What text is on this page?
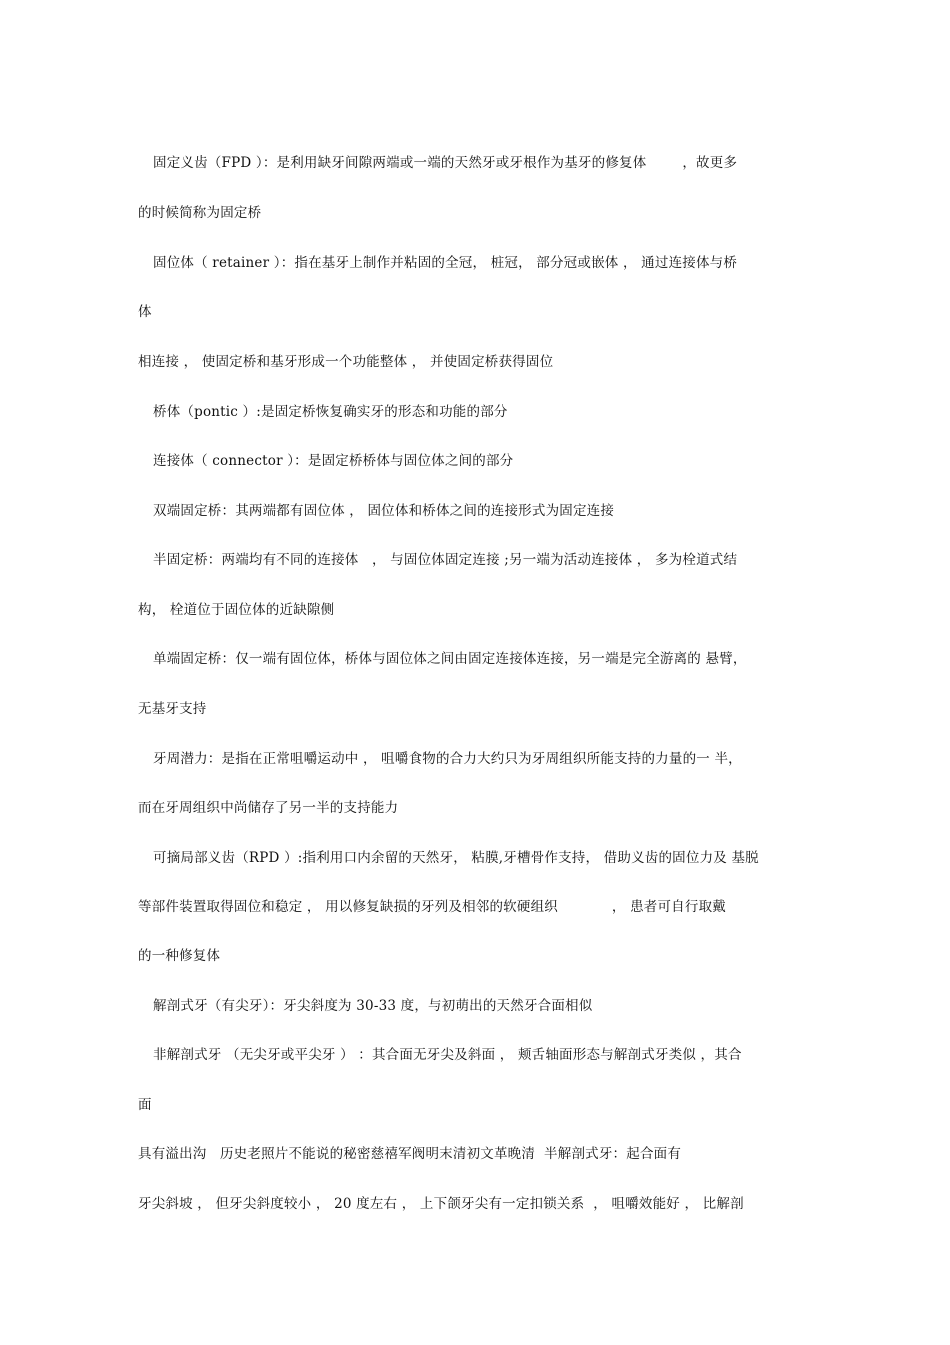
固定义齿（FPD ）：是利用缺牙间隙两端或一端的天然牙或牙根作为基牙的修复体        ，故更多
的时候简称为固定桥
固位体（ retainer ）：指在基牙上制作并粘固的全冠， 桩冠， 部分冠或嵌体 ， 通过连接体与桥
体
相连接 ， 使固定桥和基牙形成一个功能整体 ， 并使固定桥获得固位
桥体（pontic ）:是固定桥恢复确实牙的形态和功能的部分
连接体（ connector ）：是固定桥桥体与固位体之间的部分
双端固定桥：其两端都有固位体 ， 固位体和桥体之间的连接形式为固定连接
半固定桥：两端均有不同的连接体   ， 与固位体固定连接 ;另一端为活动连接体 ， 多为栓道式结
构， 栓道位于固位体的近缺隙侧
单端固定桥：仅一端有固位体，桥体与固位体之间由固定连接体连接，另一端是完全游离的 悬臂，
无基牙支持
牙周潜力：是指在正常咀嚼运动中 ， 咀嚼食物的合力大约只为牙周组织所能支持的力量的一 半，
而在牙周组织中尚储存了另一半的支持能力
可摘局部义齿（RPD ）:指利用口内余留的天然牙， 粘膜,牙槽骨作支持， 借助义齿的固位力及 基脱
等部件装置取得固位和稳定 ， 用以修复缺损的牙列及相邻的软硬组织            ， 患者可自行取戴
的一种修复体
解剖式牙（有尖牙）：牙尖斜度为 30-33 度，与初萌出的天然牙合面相似
非解剖式牙 （无尖牙或平尖牙 ） ：其合面无牙尖及斜面 ， 颊舌轴面形态与解剖式牙类似 ，其合
面
具有溢出沟   历史老照片不能说的秘密慈禧军阀明末清初文革晚清  半解剖式牙：起合面有
牙尖斜坡 ， 但牙尖斜度较小 ， 20 度左右 ， 上下颌牙尖有一定扣锁关系  ， 咀嚼效能好 ， 比解剖
